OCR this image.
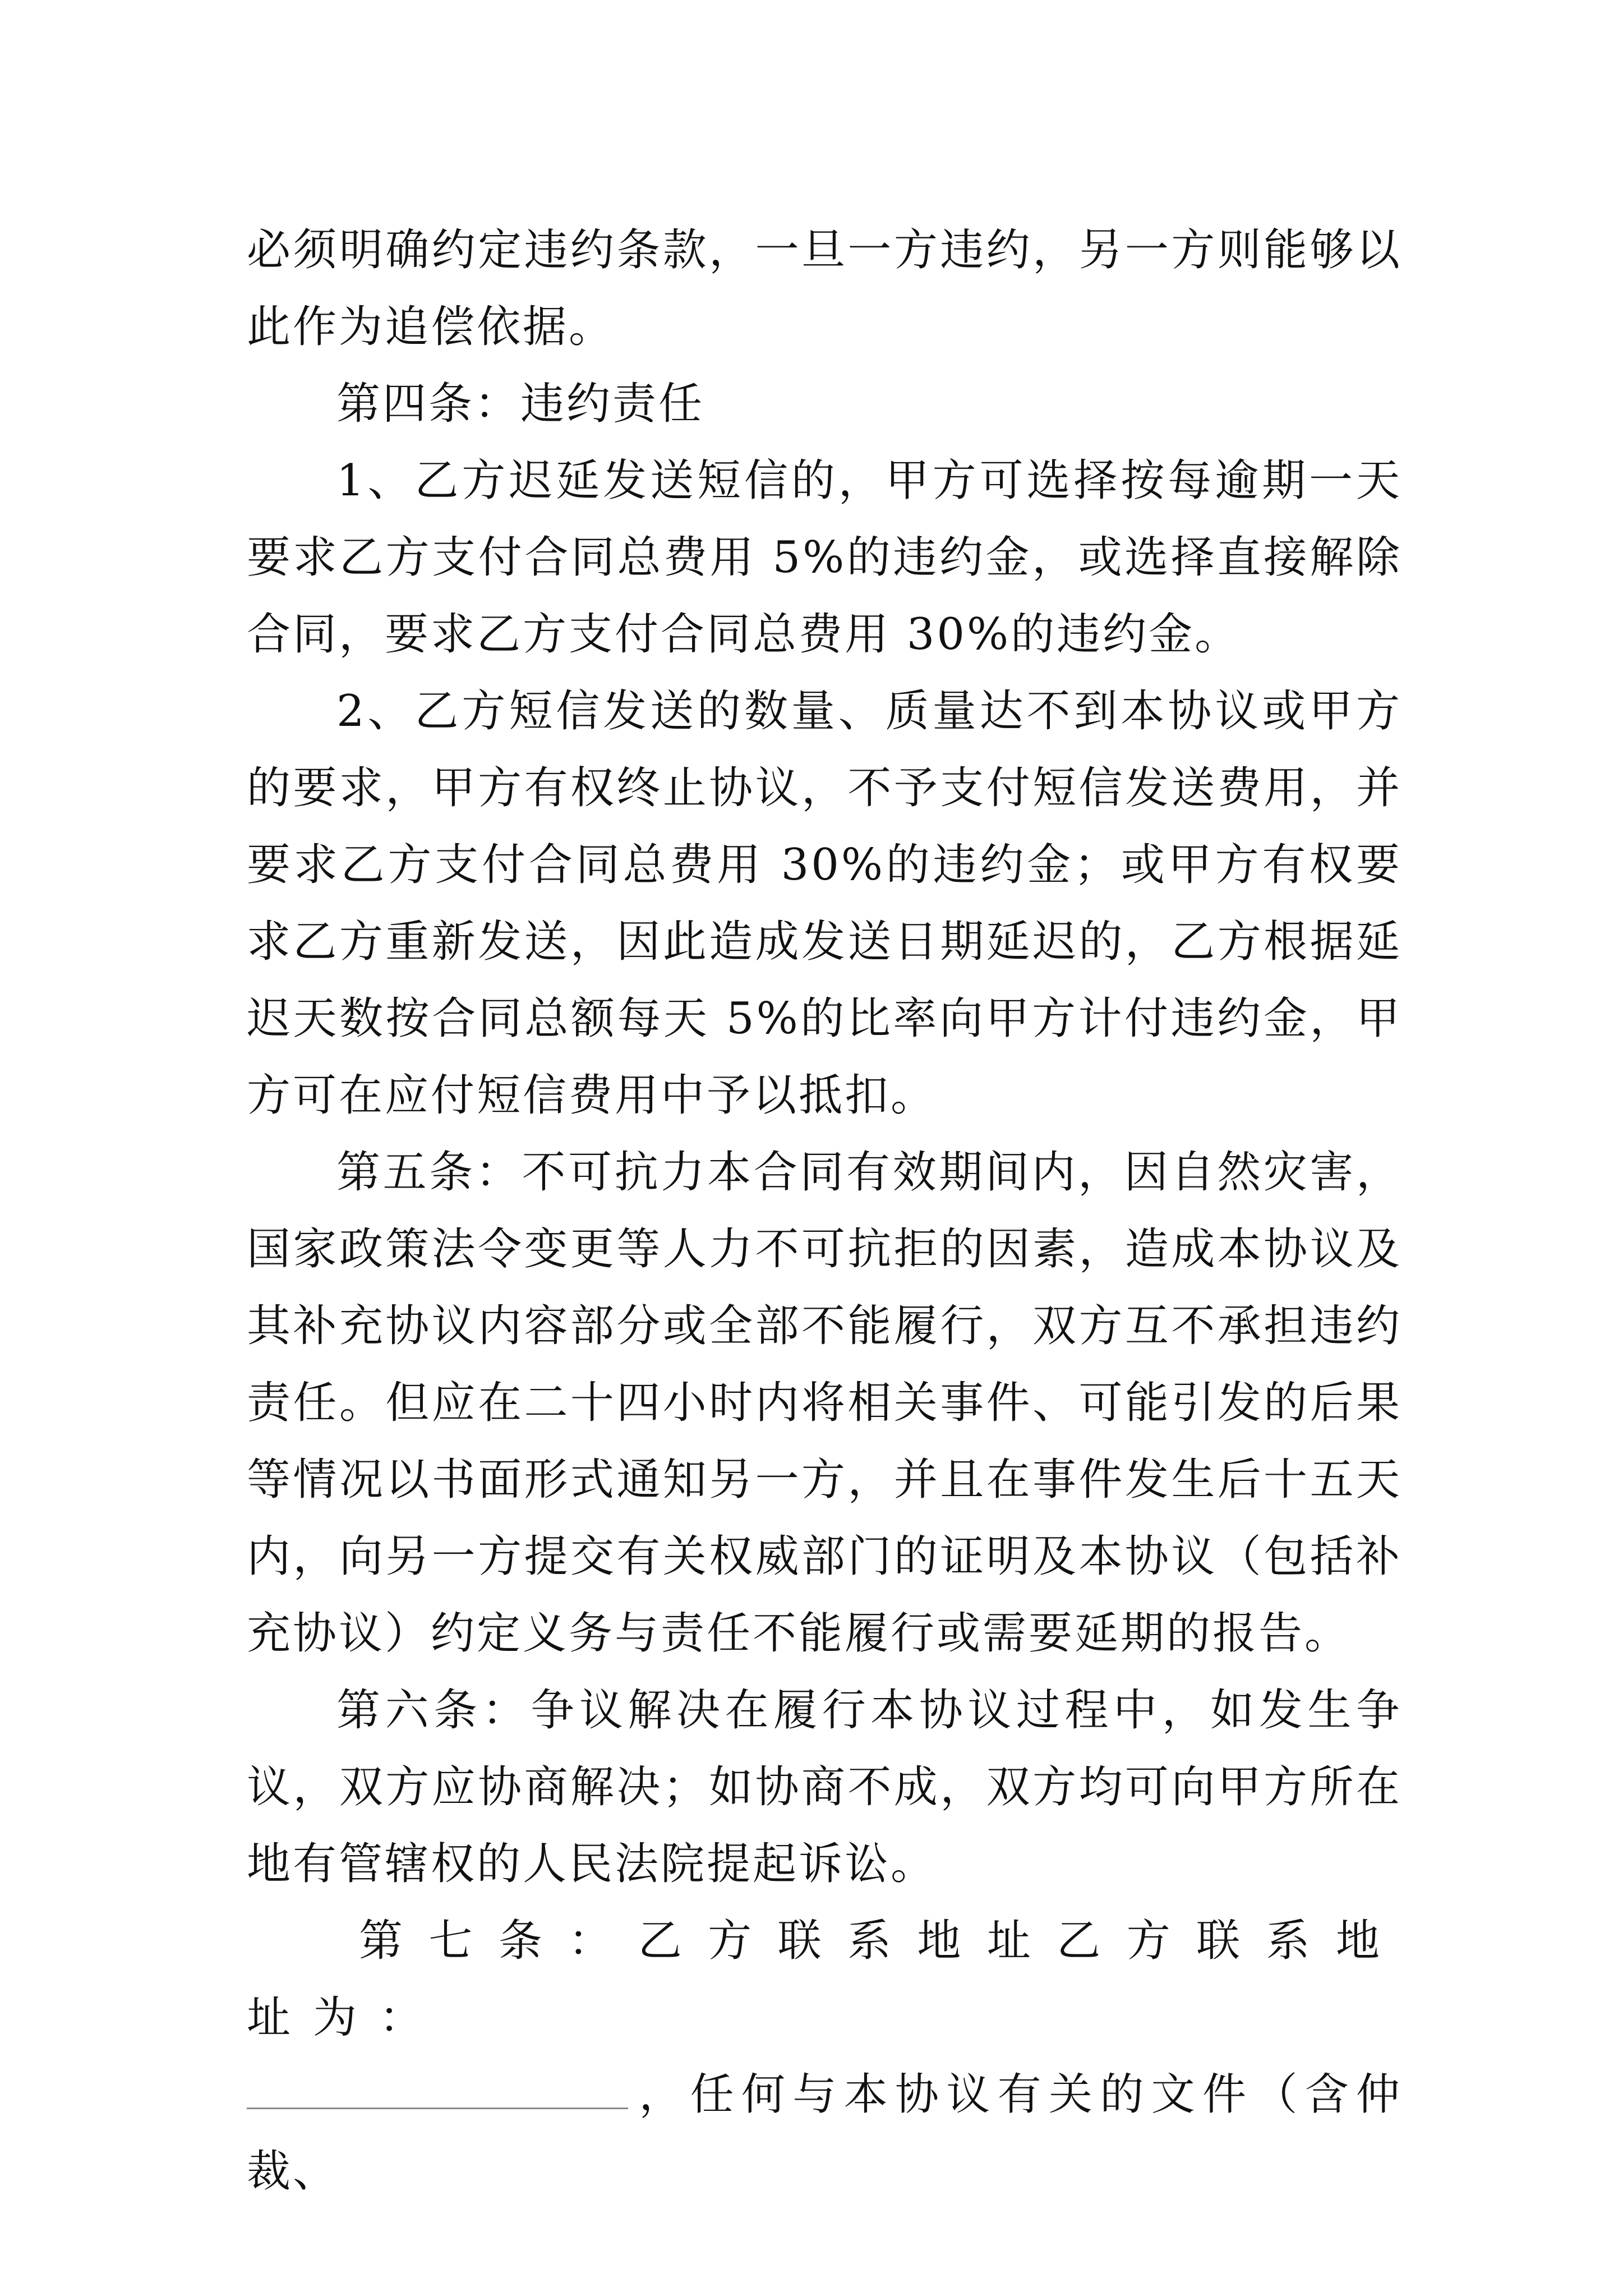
必须明确约定违约条款，一旦一方违约，另一方则能够以此作为追偿依据。

第四条：违约责任

1、乙方迟延发送短信的，甲方可选择按每逾期一天要求乙方支付合同总费用 5%的违约金，或选择直接解除合同，要求乙方支付合同总费用 30%的违约金。

2、乙方短信发送的数量、质量达不到本协议或甲方的要求，甲方有权终止协议，不予支付短信发送费用，并要求乙方支付合同总费用 30%的违约金；或甲方有权要求乙方重新发送，因此造成发送日期延迟的，乙方根据延迟天数按合同总额每天 5%的比率向甲方计付违约金，甲方可在应付短信费用中予以抵扣。

第五条：不可抗力本合同有效期间内，因自然灾害，国家政策法令变更等人力不可抗拒的因素，造成本协议及其补充协议内容部分或全部不能履行，双方互不承担违约责任。但应在二十四小时内将相关事件、可能引发的后果等情况以书面形式通知另一方，并且在事件发生后十五天内，向另一方提交有关权威部门的证明及本协议（包括补充协议）约定义务与责任不能履行或需要延期的报告。

第六条：争议解决在履行本协议过程中，如发生争议，双方应协商解决；如协商不成，双方均可向甲方所在地有管辖权的人民法院提起诉讼。

第七条：乙方联系地址乙方联系地址为：

，任何与本协议有关的文件（含仲裁、
